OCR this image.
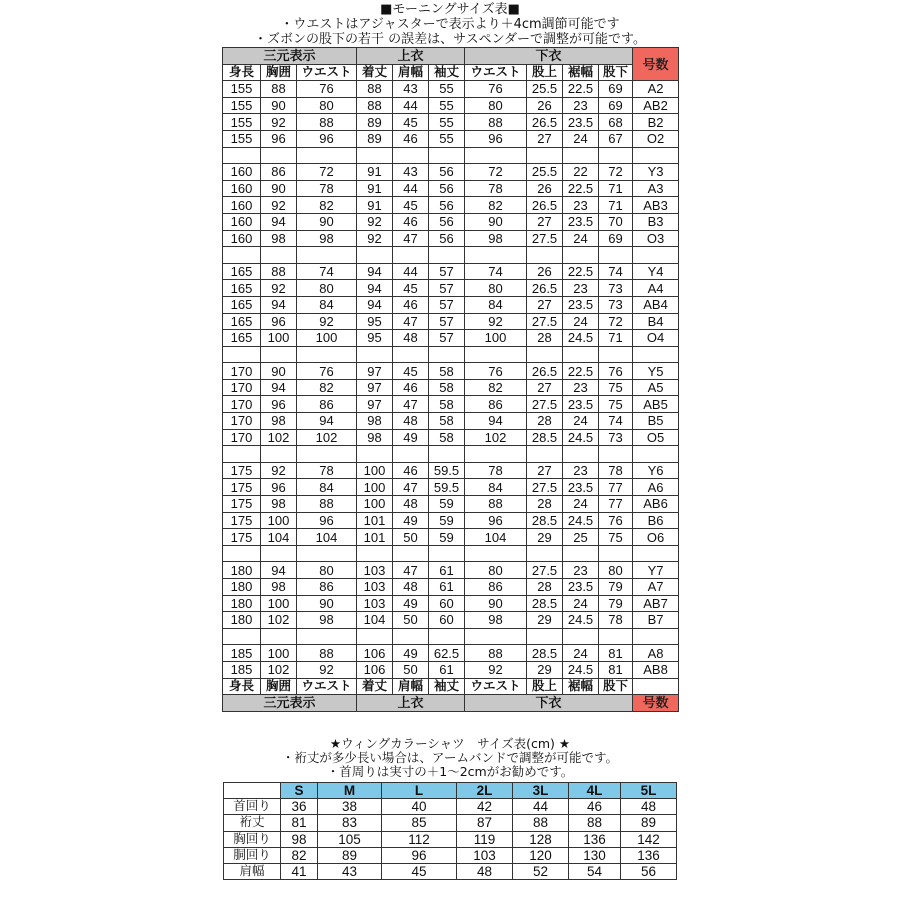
■モーニングサイズ表■
・ウエストはアジャスターで表示より＋4cm調節可能です
・ズボンの股下の若干 の誤差は、サスペンダーで調整が可能です。
三元表示			上衣			下衣				号数
身長	胸囲	ウエスト	着丈	肩幅	袖丈	ウエスト	股上	裾幅	股下	
155	88	76	88	43	55	76	25.5	22.5	69	A2
155	90	80	88	44	55	80	26	23	69	AB2
155	92	88	89	45	55	88	26.5	23.5	68	B2
155	96	96	89	46	55	96	27	24	67	O2

160	86	72	91	43	56	72	25.5	22	72	Y3
160	90	78	91	44	56	78	26	22.5	71	A3
160	92	82	91	45	56	82	26.5	23	71	AB3
160	94	90	92	46	56	90	27	23.5	70	B3
160	98	98	92	47	56	98	27.5	24	69	O3

165	88	74	94	44	57	74	26	22.5	74	Y4
165	92	80	94	45	57	80	26.5	23	73	A4
165	94	84	94	46	57	84	27	23.5	73	AB4
165	96	92	95	47	57	92	27.5	24	72	B4
165	100	100	95	48	57	100	28	24.5	71	O4

170	90	76	97	45	58	76	26.5	22.5	76	Y5
170	94	82	97	46	58	82	27	23	75	A5
170	96	86	97	47	58	86	27.5	23.5	75	AB5
170	98	94	98	48	58	94	28	24	74	B5
170	102	102	98	49	58	102	28.5	24.5	73	O5

175	92	78	100	46	59.5	78	27	23	78	Y6
175	96	84	100	47	59.5	84	27.5	23.5	77	A6
175	98	88	100	48	59	88	28	24	77	AB6
175	100	96	101	49	59	96	28.5	24.5	76	B6
175	104	104	101	50	59	104	29	25	75	O6

180	94	80	103	47	61	80	27.5	23	80	Y7
180	98	86	103	48	61	86	28	23.5	79	A7
180	100	90	103	49	60	90	28.5	24	79	AB7
180	102	98	104	50	60	98	29	24.5	78	B7

185	100	88	106	49	62.5	88	28.5	24	81	A8
185	102	92	106	50	61	92	29	24.5	81	AB8
身長	胸囲	ウエスト	着丈	肩幅	袖丈	ウエスト	股上	裾幅	股下	
三元表示			上衣			下衣				号数
★ウィングカラーシャツ　サイズ表(cm) ★
・裄丈が多少長い場合は、アームバンドで調整が可能です。
・首周りは実寸の＋1～2cmがお勧めです。
	S	M	L	2L	3L	4L	5L
首回り	36	38	40	42	44	46	48
裄丈	81	83	85	87	88	88	89
胸回り	98	105	112	119	128	136	142
胴回り	82	89	96	103	120	130	136
肩幅	41	43	45	48	52	54	56
